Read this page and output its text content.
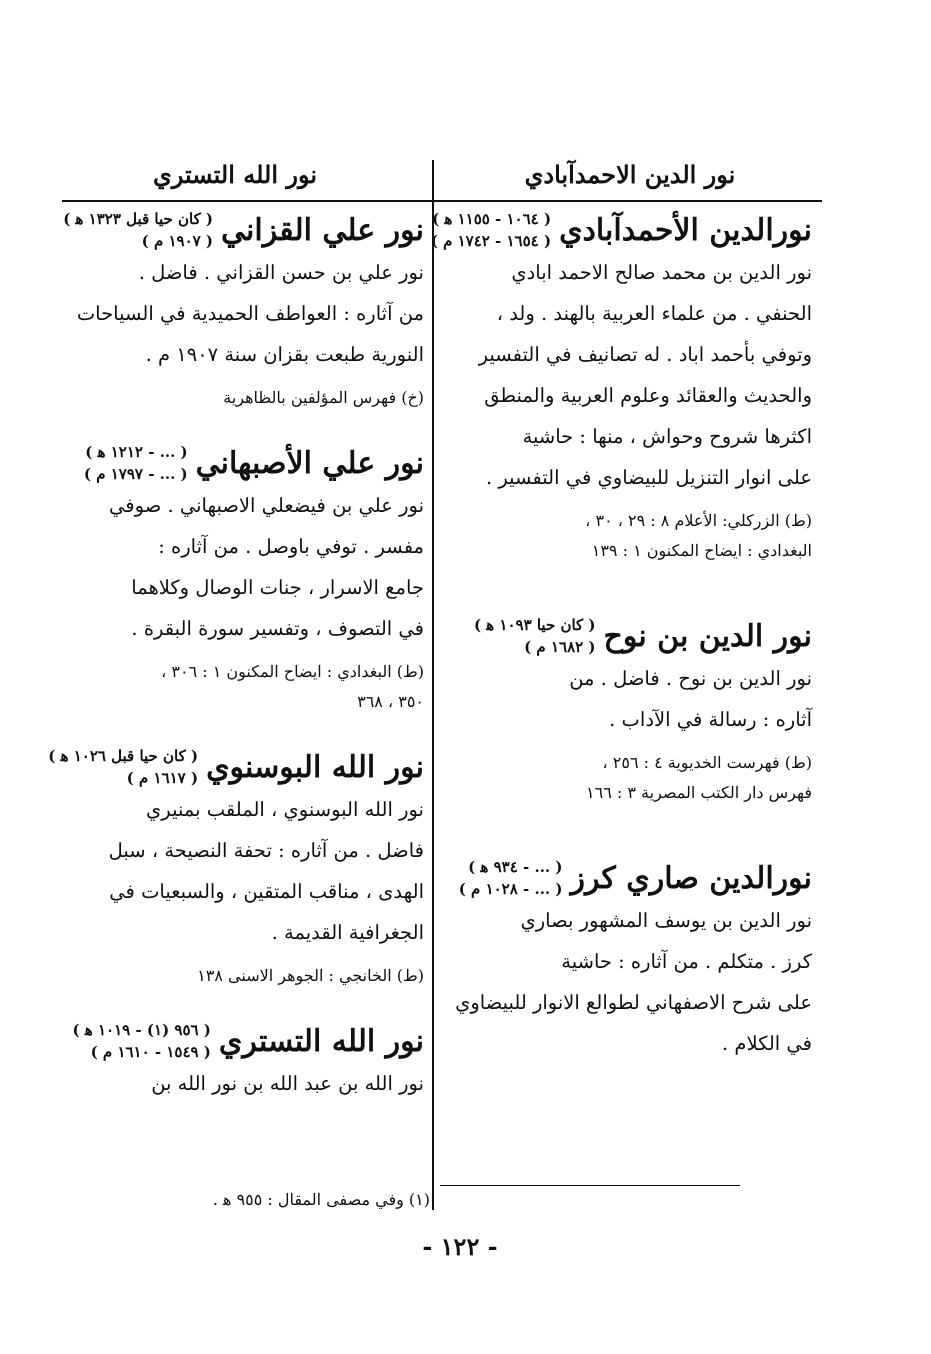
نور الدين الاحمدآبادي
نور الله التستري
نورالدين الأحمدآبادي
( ١٠٦٤ - ١١٥٥ ﻫ )
( ١٦٥٤ - ١٧٤٢ م )

نور الدين بن محمد صالح الاحمد ابادي

الحنفي . من علماء العربية بالهند . ولد ،

وتوفي بأحمد اباد . له تصانيف في التفسير

والحديث والعقائد وعلوم العربية والمنطق

اكثرها شروح وحواش ، منها : حاشية

على انوار التنزيل للبيضاوي في التفسير .

(ط) الزركلي: الأعلام ٨ : ٢٩ ، ٣٠ ،
البغدادي : ايضاح المكنون ١ : ١٣٩
نور الدين بن نوح
( كان حيا ١٠٩٣ ﻫ )
( ١٦٨٢ م )

نور الدين بن نوح . فاضل . من

آثاره : رسالة في الآداب .

(ط) فهرست الخديوية ٤ : ٢٥٦ ،
فهرس دار الكتب المصرية ٣ : ١٦٦
نورالدين صاري كرز
( ... - ٩٣٤ ﻫ )
( ... - ١٠٢٨ م )

نور الدين بن يوسف المشهور بصاري

كرز . متكلم . من آثاره : حاشية

على شرح الاصفهاني لطوالع الانوار للبيضاوي

في الكلام .

نور علي القزاني
( كان حيا قبل ١٣٢٣ ﻫ )
( ١٩٠٧ م )

نور علي بن حسن القزاني . فاضل .

من آثاره : العواطف الحميدية في السياحات

النورية طبعت بقزان سنة ١٩٠٧ م .

(خ) فهرس المؤلفين بالظاهرية
نور علي الأصبهاني
( ... - ١٢١٢ ﻫ )
( ... - ١٧٩٧ م )

نور علي بن فيضعلي الاصبهاني . صوفي

مفسر . توفي باوصل . من آثاره :

جامع الاسرار ، جنات الوصال وكلاهما

في التصوف ، وتفسير سورة البقرة .

(ط) البغدادي : ايضاح المكنون ١ : ٣٠٦ ،
٣٥٠ ، ٣٦٨
نور الله البوسنوي
( كان حيا قبل ١٠٢٦ ﻫ )
( ١٦١٧ م )

نور الله البوسنوي ، الملقب بمنيري

فاضل . من آثاره : تحفة النصيحة ، سبل

الهدى ، مناقب المتقين ، والسبعيات في

الجغرافية القديمة .

(ط) الخانجي : الجوهر الاسنى ١٣٨
نور الله التستري
( ٩٥٦ (١) - ١٠١٩ ﻫ )
( ١٥٤٩ - ١٦١٠ م )

نور الله بن عبد الله بن نور الله بن

(١) وفي مصفى المقال : ٩٥٥ ﻫ .
- ١٢٢ -
